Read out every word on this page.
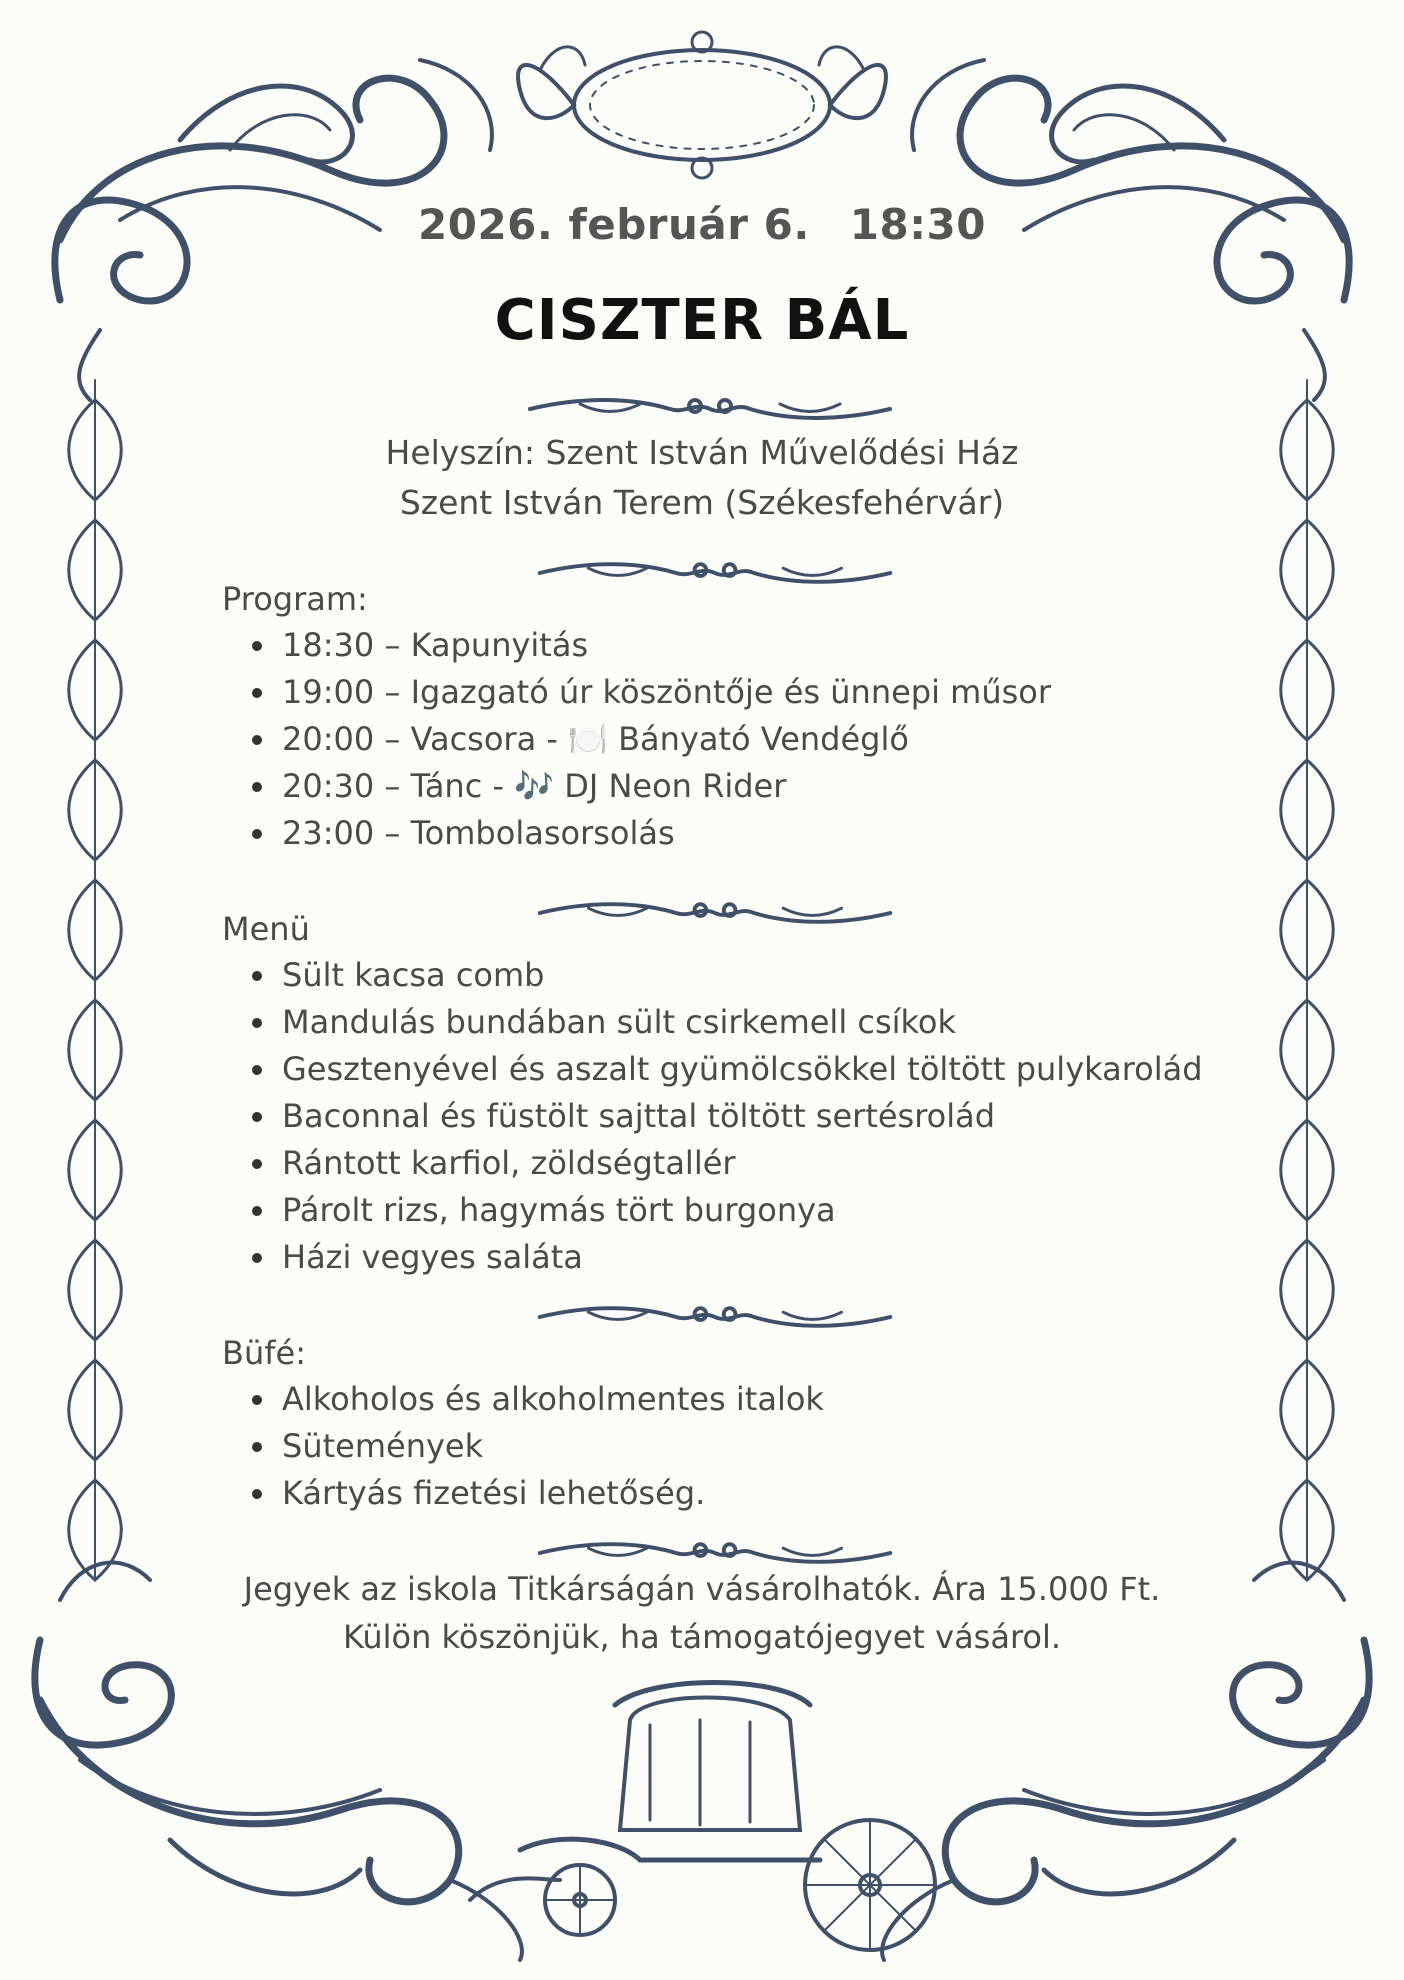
2026. február 6. 18:30
CISZTER BÁL
Helyszín: Szent István Művelődési Ház
Szent István Terem (Székesfehérvár)
Program:
18:30 – Kapunyitás
19:00 – Igazgató úr köszöntője és ünnepi műsor
20:00 – Vacsora - 🍽️ Bányató Vendéglő
20:30 – Tánc - 🎶 DJ Neon Rider
23:00 – Tombolasorsolás
Menü
Sült kacsa comb
Mandulás bundában sült csirkemell csíkok
Gesztenyével és aszalt gyümölcsökkel töltött pulykarolád
Baconnal és füstölt sajttal töltött sertésrolád
Rántott karfiol, zöldségtallér
Párolt rizs, hagymás tört burgonya
Házi vegyes saláta
Büfé:
Alkoholos és alkoholmentes italok
Sütemények
Kártyás fizetési lehetőség.
Jegyek az iskola Titkárságán vásárolhatók. Ára 15.000 Ft.
Külön köszönjük, ha támogatójegyet vásárol.
